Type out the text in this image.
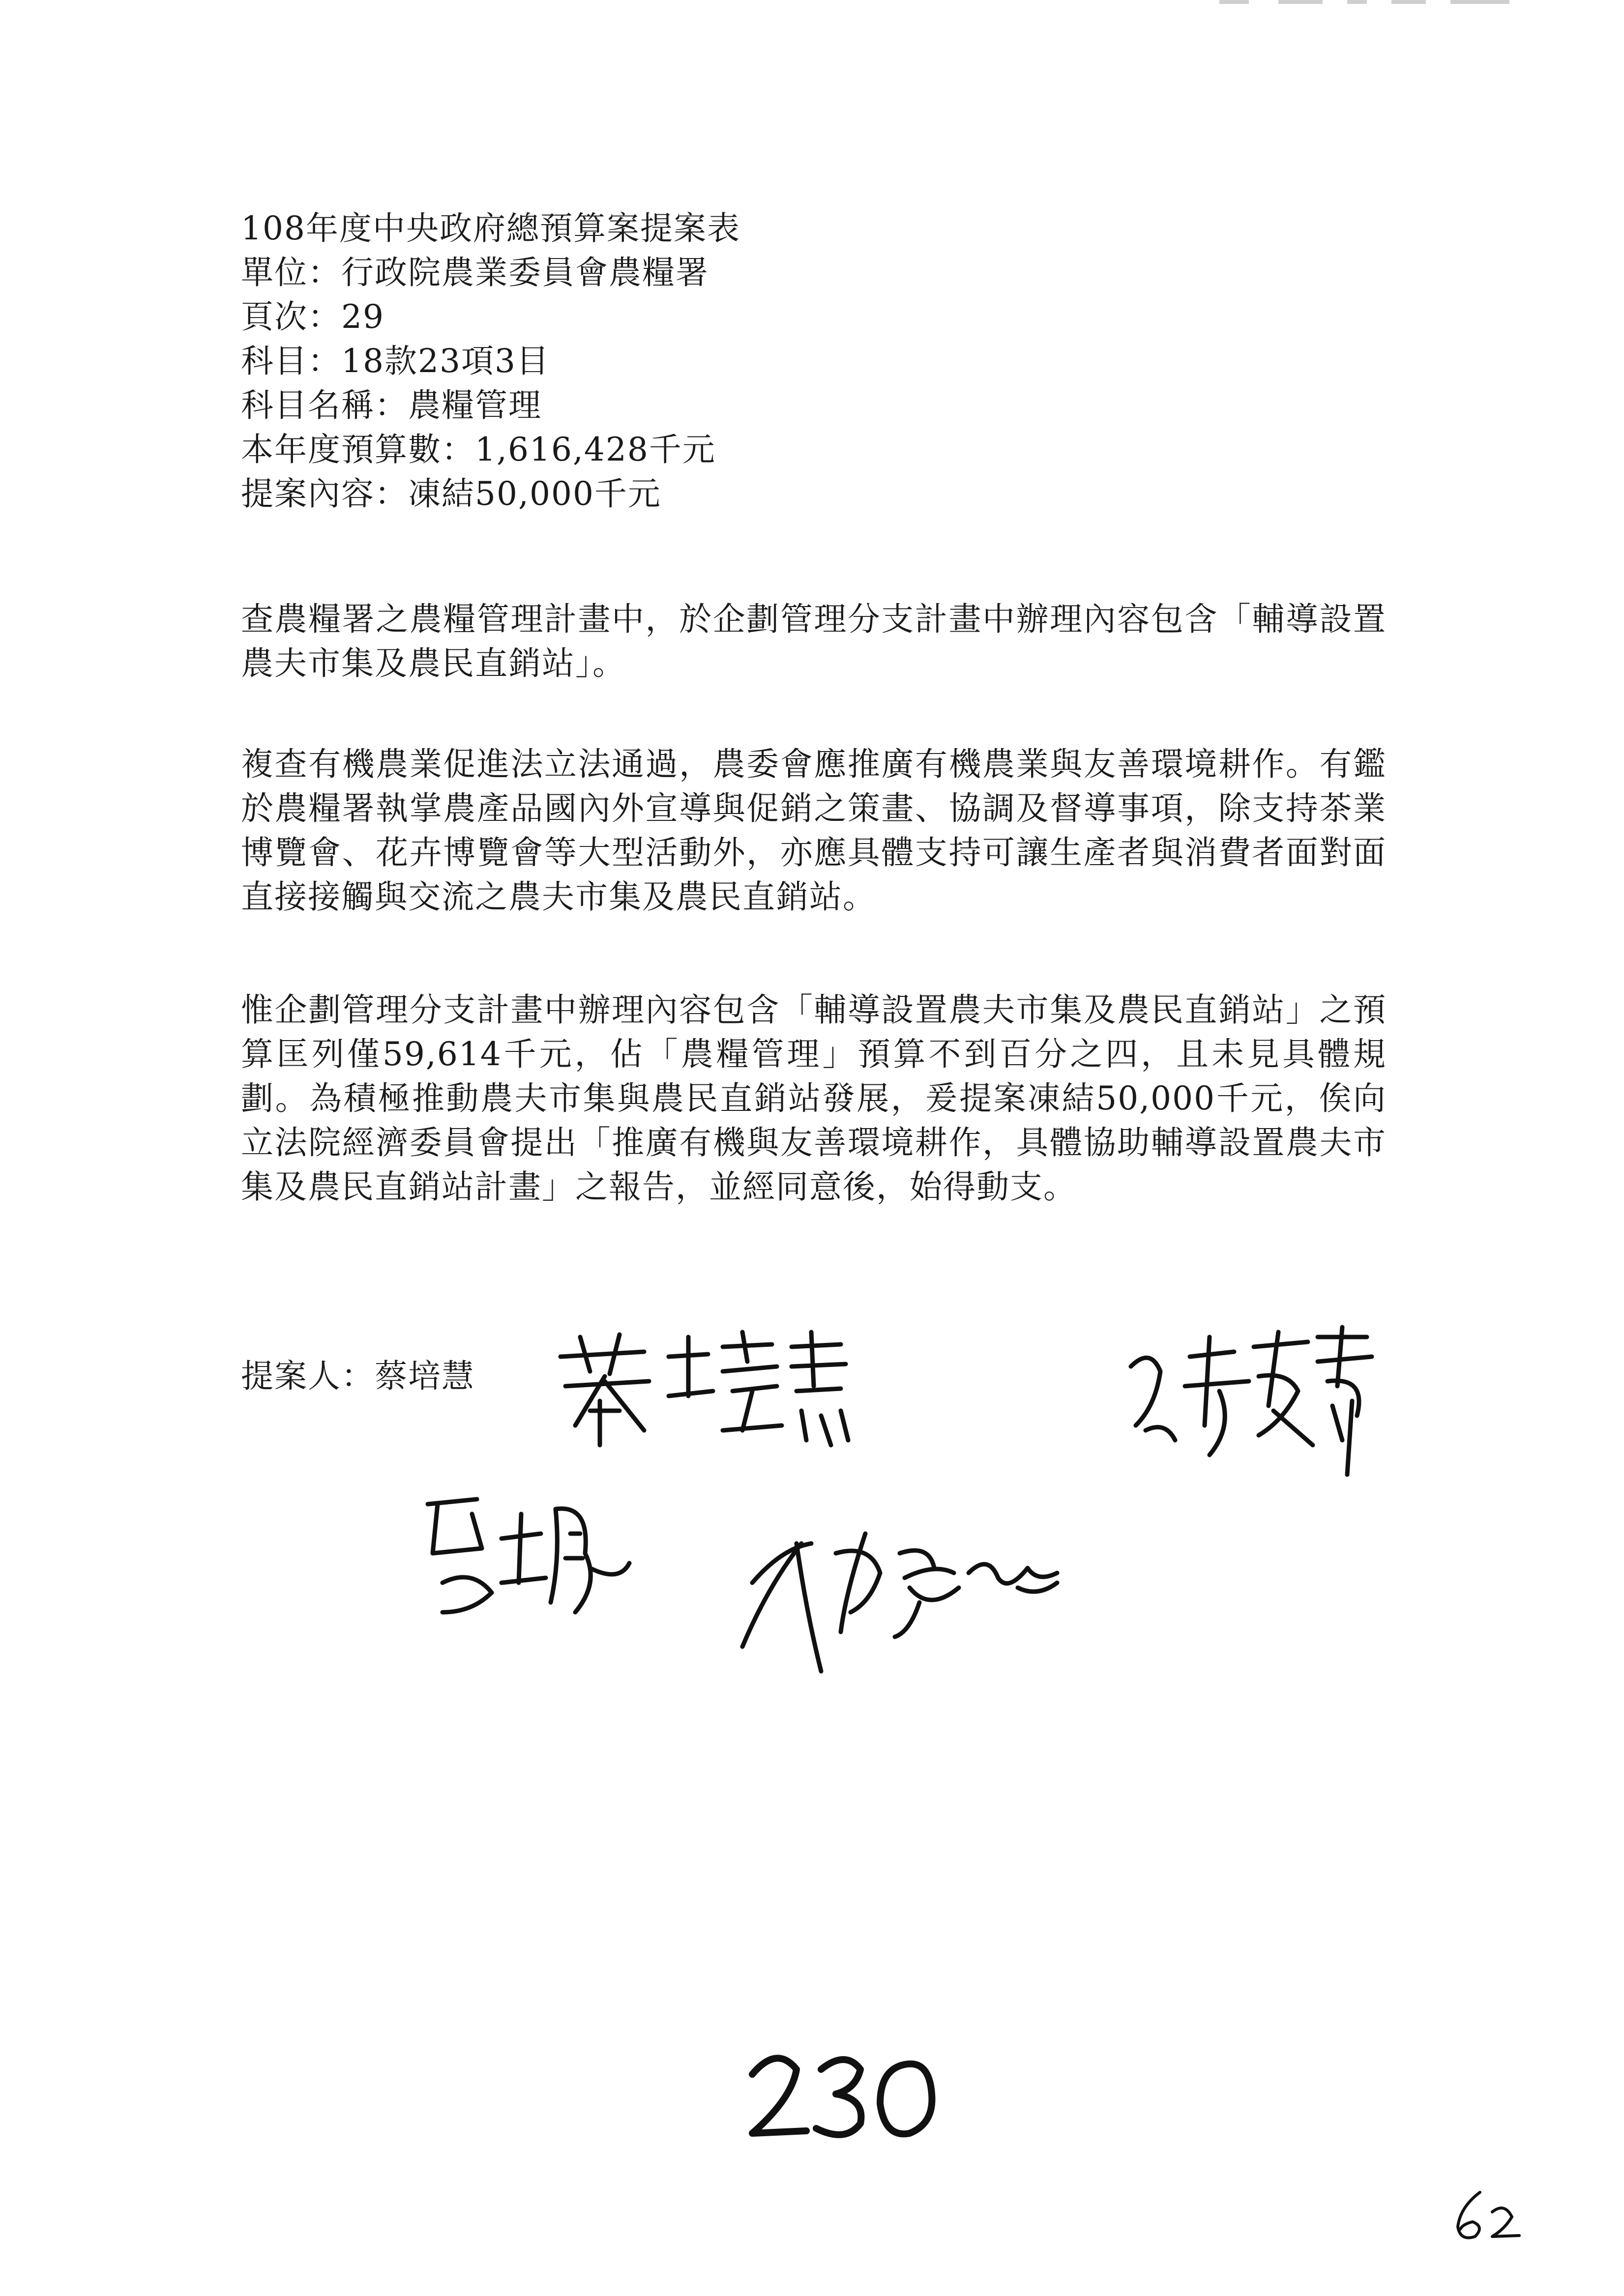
108年度中央政府總預算案提案表
單位：行政院農業委員會農糧署
頁次：29
科目：18款23項3目
科目名稱：農糧管理
本年度預算數：1,616,428千元
提案內容：凍結50,000千元
查農糧署之農糧管理計畫中，於企劃管理分支計畫中辦理內容包含「輔導設置農夫市集及農民直銷站」。
複查有機農業促進法立法通過，農委會應推廣有機農業與友善環境耕作。有鑑於農糧署執掌農產品國內外宣導與促銷之策畫、協調及督導事項，除支持茶業博覽會、花卉博覽會等大型活動外，亦應具體支持可讓生產者與消費者面對面直接接觸與交流之農夫市集及農民直銷站。
惟企劃管理分支計畫中辦理內容包含「輔導設置農夫市集及農民直銷站」之預算匡列僅59,614千元，佔「農糧管理」預算不到百分之四，且未見具體規劃。為積極推動農夫市集與農民直銷站發展，爰提案凍結50,000千元，俟向立法院經濟委員會提出「推廣有機與友善環境耕作，具體協助輔導設置農夫市集及農民直銷站計畫」之報告，並經同意後，始得動支。
提案人：蔡培慧
